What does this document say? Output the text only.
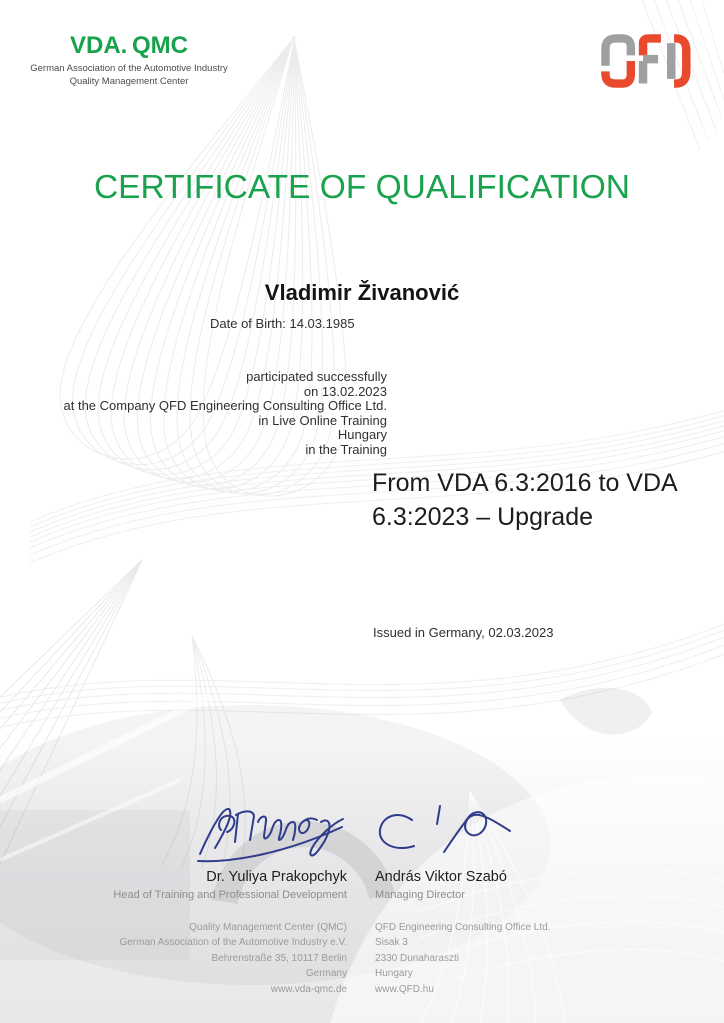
VDA. QMC
German Association of the Automotive Industry
Quality Management Center
CERTIFICATE OF QUALIFICATION
Vladimir Živanović
Date of Birth: 14.03.1985
participated successfully
on 13.02.2023
at the Company QFD Engineering Consulting Office Ltd.
in Live Online Training
Hungary
in the Training
From VDA 6.3:2016 to VDA 6.3:2023 – Upgrade
Issued in Germany, 02.03.2023
Dr. Yuliya Prakopchyk
Head of Training and Professional Development
András Viktor Szabó
Managing Director
Quality Management Center (QMC)
German Association of the Automotive Industry e.V.
Behrenstraße 35, 10117 Berlin
Germany
www.vda-qmc.de
QFD Engineering Consulting Office Ltd.
Sisak 3
2330 Dunaharaszti
Hungary
www.QFD.hu
